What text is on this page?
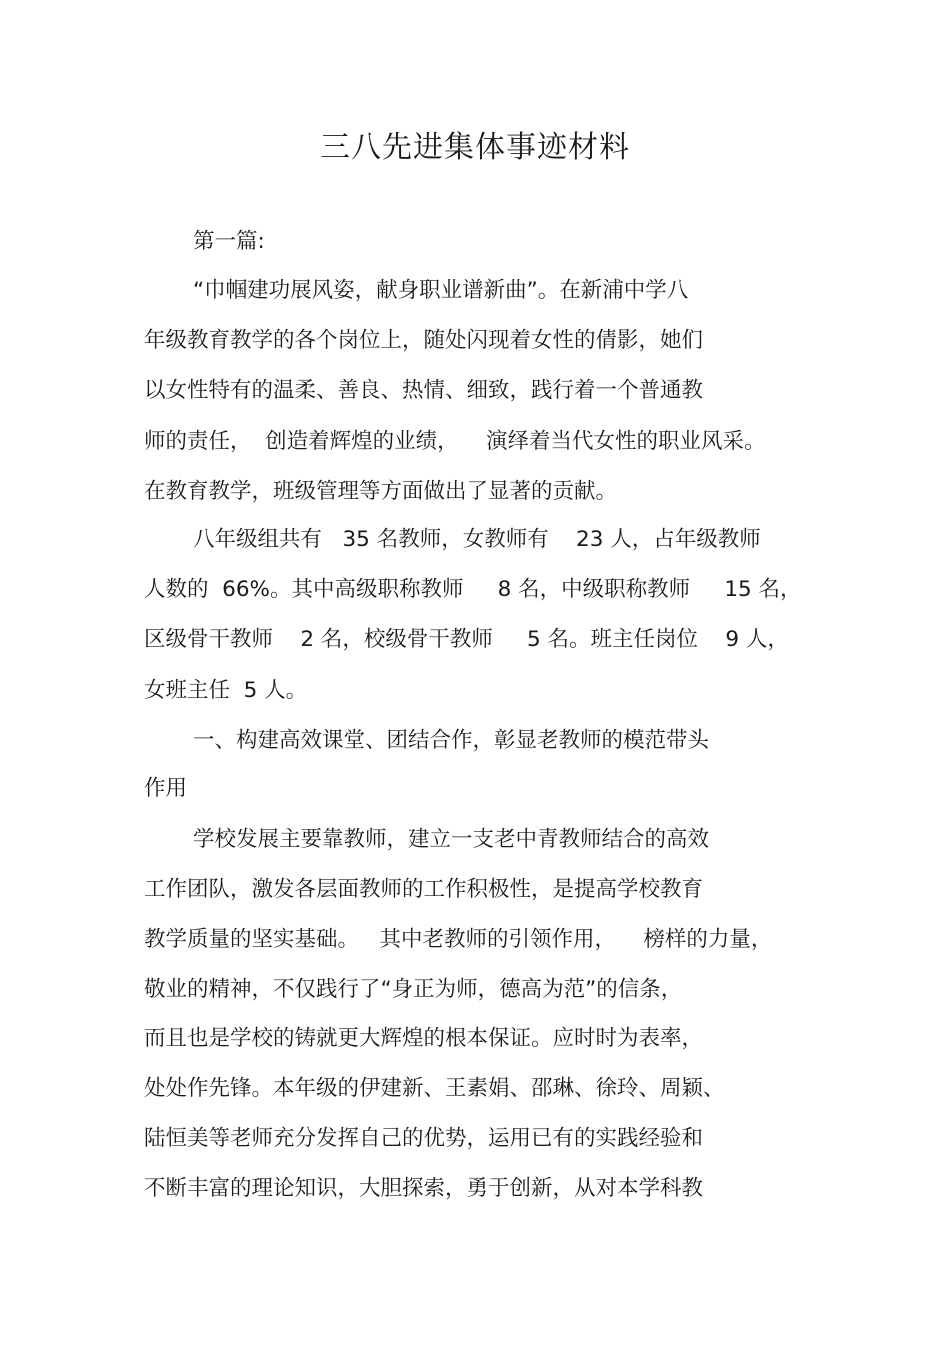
三八先进集体事迹材料
第一篇:
“巾帼建功展风姿，献身职业谱新曲”。在新浦中学八
年级教育教学的各个岗位上，随处闪现着女性的倩影，她们
以女性特有的温柔、善良、热情、细致，践行着一个普通教
师的责任，  创造着辉煌的业绩，    演绎着当代女性的职业风采。
在教育教学，班级管理等方面做出了显著的贡献。
八年级组共有   35 名教师，女教师有    23 人，占年级教师
人数的  66%。其中高级职称教师     8 名，中级职称教师     15 名，
区级骨干教师    2 名，校级骨干教师     5 名。班主任岗位    9 人，
女班主任  5 人。
一、构建高效课堂、团结合作，彰显老教师的模范带头
作用
学校发展主要靠教师，建立一支老中青教师结合的高效
工作团队，激发各层面教师的工作积极性，是提高学校教育
教学质量的坚实基础。   其中老教师的引领作用，    榜样的力量，
敬业的精神，不仅践行了“身正为师，德高为范”的信条，
而且也是学校的铸就更大辉煌的根本保证。应时时为表率，
处处作先锋。本年级的伊建新、王素娟、邵琳、徐玲、周颖、
陆恒美等老师充分发挥自己的优势，运用已有的实践经验和
不断丰富的理论知识，大胆探索，勇于创新，从对本学科教
